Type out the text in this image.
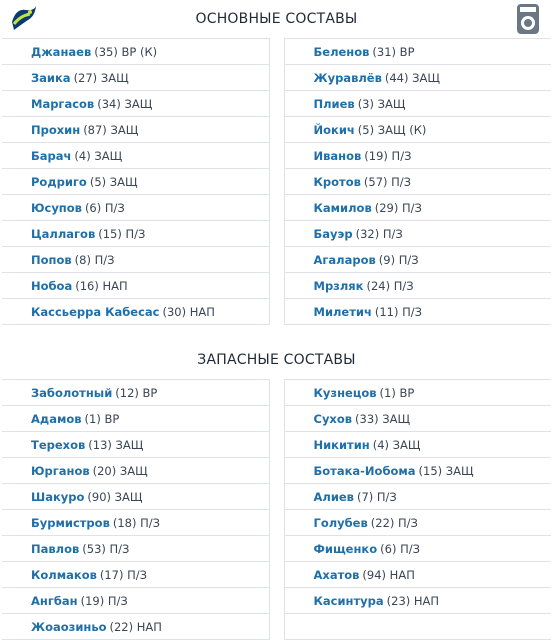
ОСНОВНЫЕ СОСТАВЫ
Джанаев (35) ВР (К)
Заика (27) ЗАЩ
Маргасов (34) ЗАЩ
Прохин (87) ЗАЩ
Барач (4) ЗАЩ
Родриго (5) ЗАЩ
Юсупов (6) П/З
Цаллагов (15) П/З
Попов (8) П/З
Нобоа (16) НАП
Кассьерра Кабесас (30) НАП
Беленов (31) ВР
Журавлёв (44) ЗАЩ
Плиев (3) ЗАЩ
Йокич (5) ЗАЩ (К)
Иванов (19) П/З
Кротов (57) П/З
Камилов (29) П/З
Бауэр (32) П/З
Агаларов (9) П/З
Мрзляк (24) П/З
Милетич (11) П/З
ЗАПАСНЫЕ СОСТАВЫ
Заболотный (12) ВР
Адамов (1) ВР
Терехов (13) ЗАЩ
Юрганов (20) ЗАЩ
Шакуро (90) ЗАЩ
Бурмистров (18) П/З
Павлов (53) П/З
Колмаков (17) П/З
Ангбан (19) П/З
Жоаозиньо (22) НАП
Кузнецов (1) ВР
Сухов (33) ЗАЩ
Никитин (4) ЗАЩ
Ботака-Иобома (15) ЗАЩ
Алиев (7) П/З
Голубев (22) П/З
Фищенко (6) П/З
Ахатов (94) НАП
Касинтура (23) НАП
